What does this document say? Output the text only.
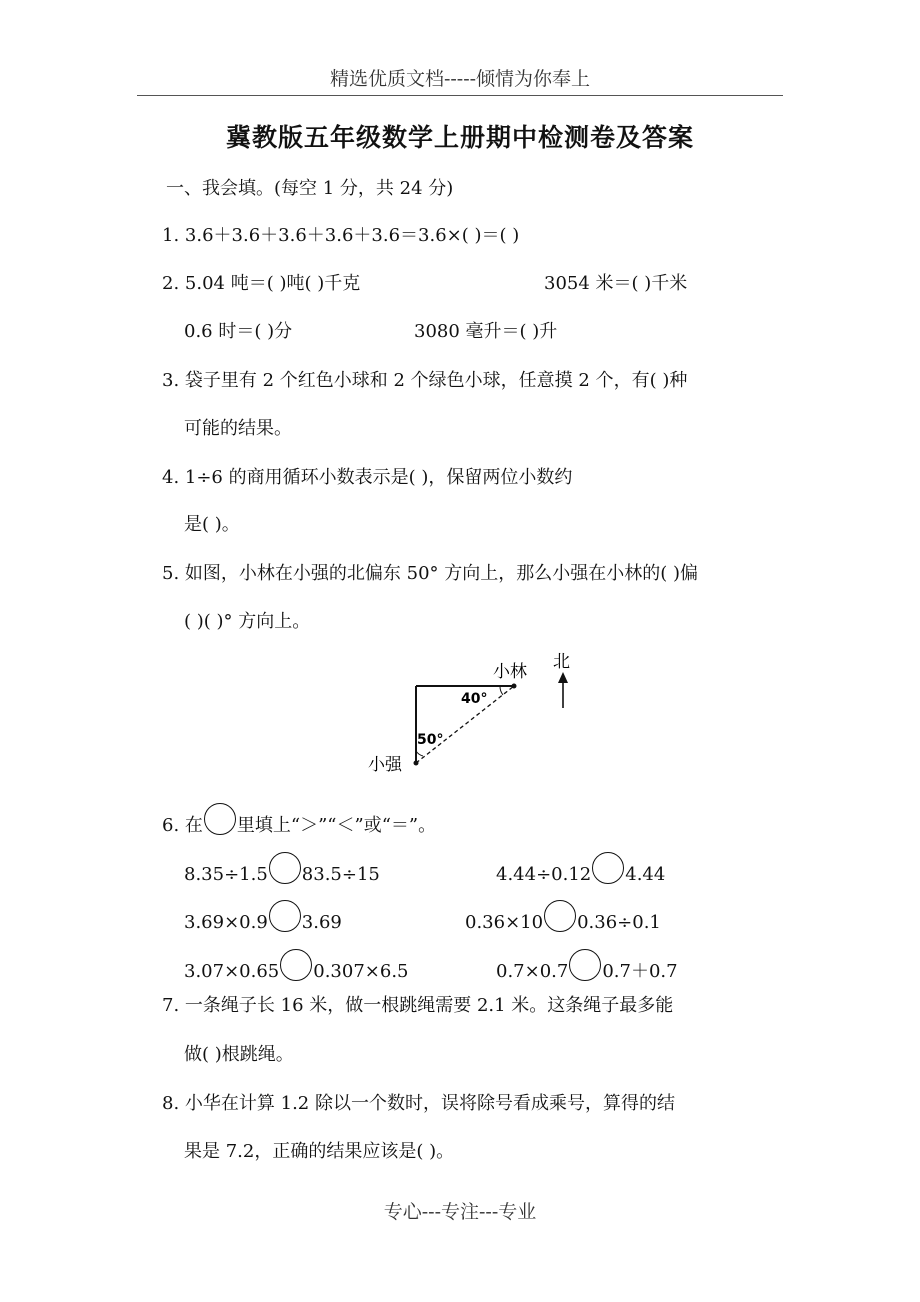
精选优质文档-----倾情为你奉上
冀教版五年级数学上册期中检测卷及答案
一、我会填。(每空 1 分，共 24 分)
1. 3.6＋3.6＋3.6＋3.6＋3.6＝3.6×( )＝( )
2. 5.04 吨＝( )吨( )千克	3054 米＝( )千米
0.6 时＝( )分	3080 毫升＝( )升
3. 袋子里有 2 个红色小球和 2 个绿色小球，任意摸 2 个，有( )种
可能的结果。
4. 1÷6 的商用循环小数表示是( )，保留两位小数约
是( )。
5. 如图，小林在小强的北偏东 50° 方向上，那么小强在小林的( )偏
( )( )° 方向上。
小林
小强
北
40°
50°
6. 在 里填上“＞”“＜”或“＝”。
8.35÷1.5 83.5÷15	4.44÷0.12 4.44
3.69×0.9 3.69	0.36×10 0.36÷0.1
3.07×0.65 0.307×6.5	0.7×0.7 0.7＋0.7
7. 一条绳子长 16 米，做一根跳绳需要 2.1 米。这条绳子最多能
做( )根跳绳。
8. 小华在计算 1.2 除以一个数时，误将除号看成乘号，算得的结
果是 7.2，正确的结果应该是( )。
专心---专注---专业
